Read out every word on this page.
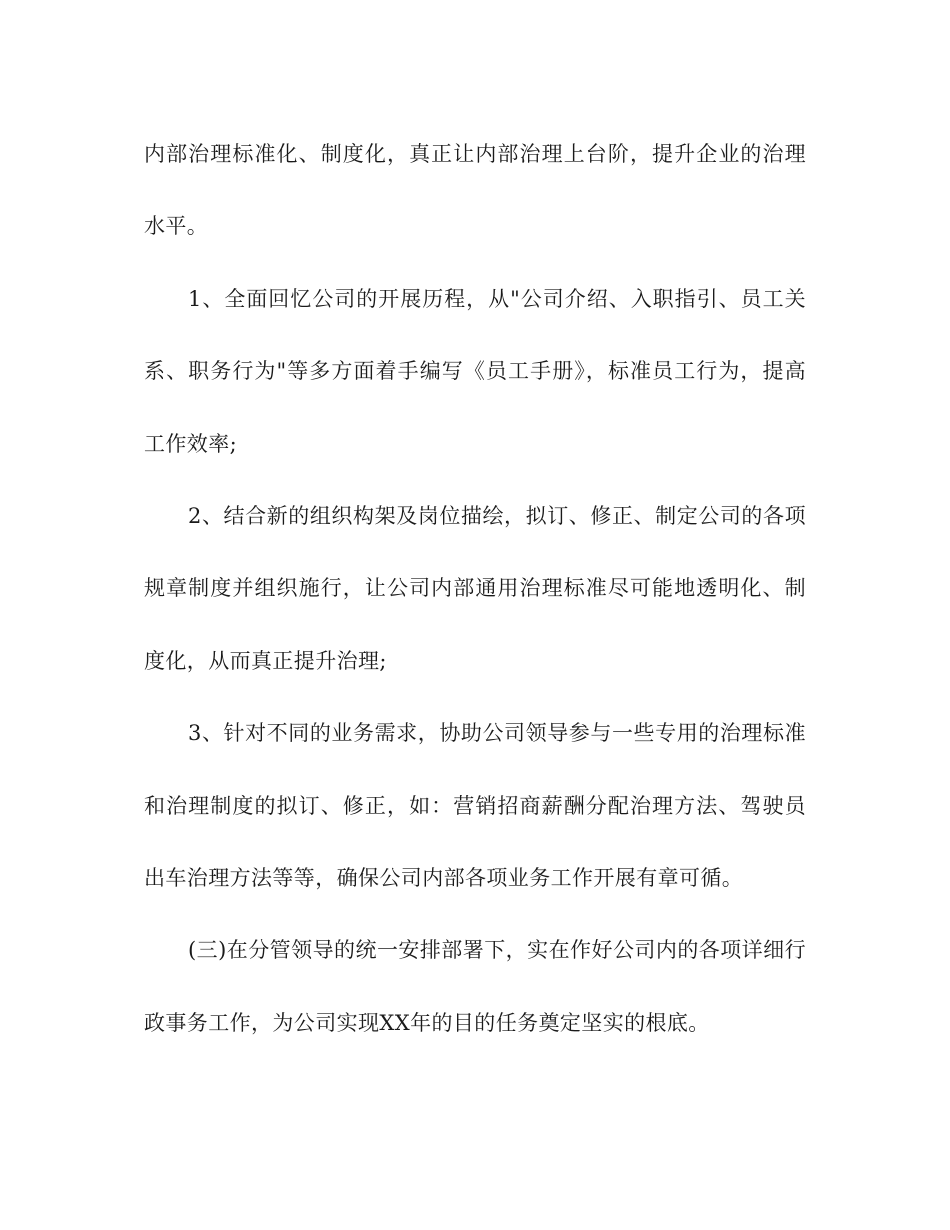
内部治理标准化、制度化，真正让内部治理上台阶，提升企业的治理水平。

1、全面回忆公司的开展历程，从"公司介绍、入职指引、员工关系、职务行为"等多方面着手编写《员工手册》，标准员工行为，提高工作效率;

2、结合新的组织构架及岗位描绘，拟订、修正、制定公司的各项规章制度并组织施行，让公司内部通用治理标准尽可能地透明化、制度化，从而真正提升治理;

3、针对不同的业务需求，协助公司领导参与一些专用的治理标准和治理制度的拟订、修正，如：营销招商薪酬分配治理方法、驾驶员出车治理方法等等，确保公司内部各项业务工作开展有章可循。

(三)在分管领导的统一安排部署下，实在作好公司内的各项详细行政事务工作，为公司实现XX年的目的任务奠定坚实的根底。
